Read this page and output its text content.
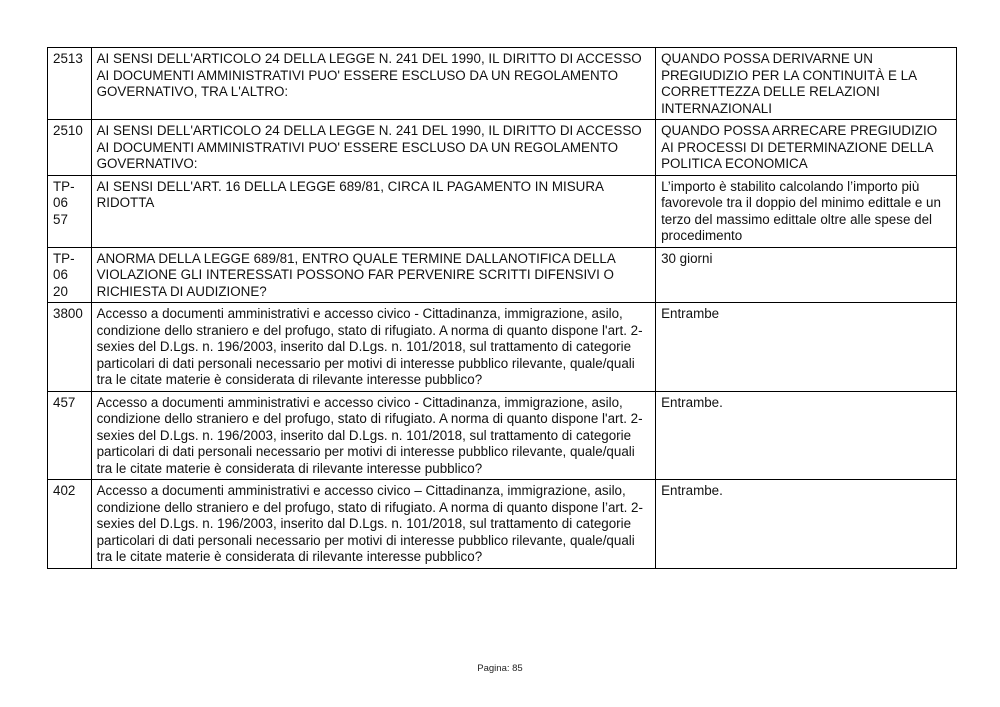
2513	AI SENSI DELL'ARTICOLO 24 DELLA LEGGE N. 241 DEL 1990, IL DIRITTO DI ACCESSO AI DOCUMENTI AMMINISTRATIVI PUO' ESSERE ESCLUSO DA UN REGOLAMENTO GOVERNATIVO, TRA L'ALTRO:	QUANDO POSSA DERIVARNE UN PREGIUDIZIO PER LA CONTINUITÀ E LA CORRETTEZZA DELLE RELAZIONI INTERNAZIONALI
2510	AI SENSI DELL'ARTICOLO 24 DELLA LEGGE N. 241 DEL 1990, IL DIRITTO DI ACCESSO AI DOCUMENTI AMMINISTRATIVI PUO' ESSERE ESCLUSO DA UN REGOLAMENTO GOVERNATIVO:	QUANDO POSSA ARRECARE PREGIUDIZIO AI PROCESSI DI DETERMINAZIONE DELLA POLITICA ECONOMICA
TP-06 57	AI SENSI DELL'ART. 16 DELLA LEGGE 689/81, CIRCA IL PAGAMENTO IN MISURA RIDOTTA	L’importo è stabilito calcolando l’importo più favorevole tra il doppio del minimo edittale e un terzo del massimo edittale oltre alle spese del procedimento
TP-06 20	ANORMA DELLA LEGGE 689/81, ENTRO QUALE TERMINE DALLANOTIFICA DELLA VIOLAZIONE GLI INTERESSATI POSSONO FAR PERVENIRE SCRITTI DIFENSIVI O RICHIESTA DI AUDIZIONE?	30 giorni
3800	Accesso a documenti amministrativi e accesso civico - Cittadinanza, immigrazione, asilo, condizione dello straniero e del profugo, stato di rifugiato. A norma di quanto dispone l'art. 2- sexies del D.Lgs. n. 196/2003, inserito dal D.Lgs. n. 101/2018, sul trattamento di categorie particolari di dati personali necessario per motivi di interesse pubblico rilevante, quale/quali tra le citate materie è considerata di rilevante interesse pubblico?	Entrambe
457	Accesso a documenti amministrativi e accesso civico - Cittadinanza, immigrazione, asilo, condizione dello straniero e del profugo, stato di rifugiato. A norma di quanto dispone l'art. 2-sexies del D.Lgs. n. 196/2003, inserito dal D.Lgs. n. 101/2018, sul trattamento di categorie particolari di dati personali necessario per motivi di interesse pubblico rilevante, quale/quali tra le citate materie è considerata di rilevante interesse pubblico?	Entrambe.
402	Accesso a documenti amministrativi e accesso civico – Cittadinanza, immigrazione, asilo, condizione dello straniero e del profugo, stato di rifugiato. A norma di quanto dispone l’art. 2-sexies del D.Lgs. n. 196/2003, inserito dal D.Lgs. n. 101/2018, sul trattamento di categorie particolari di dati personali necessario per motivi di interesse pubblico rilevante, quale/quali tra le citate materie è considerata di rilevante interesse pubblico?	Entrambe.
Pagina: 85
